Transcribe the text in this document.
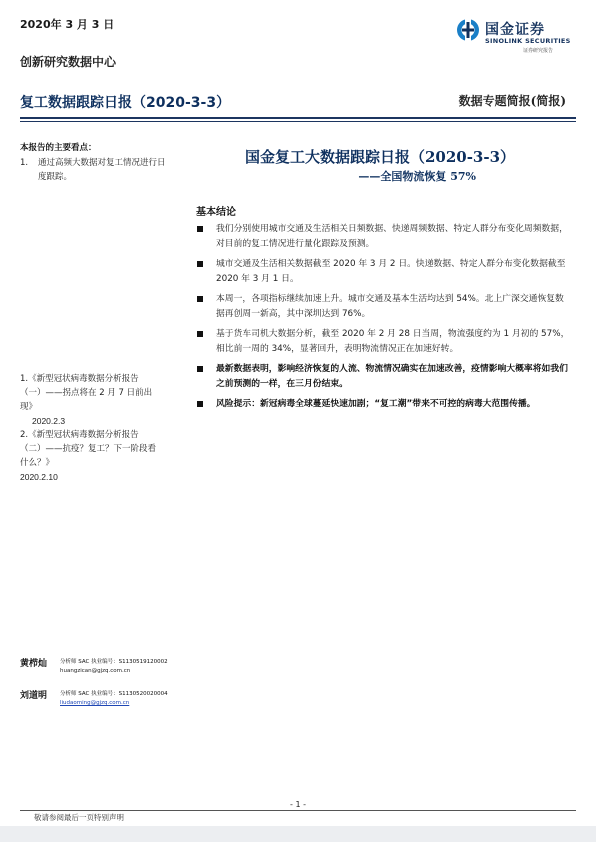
2020年 3 月 3 日	国金证券
SINOLINK SECURITIES
证券研究报告
创新研究数据中心
复工数据跟踪日报（2020-3-3）	数据专题简报(简报)
本报告的主要看点：
1.	通过高频大数据对复工情况进行日度跟踪。
1.《新型冠状病毒数据分析报告（一）——拐点将在 2 月 7 日前出现》
2020.2.3
2.《新型冠状病毒数据分析报告（二）——抗疫？复工？下一阶段看什么？》
2020.2.10
黄栉灿 分析师 SAC 执业编号：S1130519120002
huangzican@gjzq.com.cn
刘道明 分析师 SAC 执业编号：S1130520020004
liudaoming@gjzq.com.cn
国金复工大数据跟踪日报（2020-3-3）
——全国物流恢复 57%
基本结论
我们分别使用城市交通及生活相关日频数据、快递周频数据、特定人群分布变化周频数据，对目前的复工情况进行量化跟踪及预测。
城市交通及生活相关数据截至 2020 年 3 月 2 日。快递数据、特定人群分布变化数据截至 2020 年 3 月 1 日。
本周一，各项指标继续加速上升。城市交通及基本生活均达到 54%。北上广深交通恢复数据再创周一新高，其中深圳达到 76%。
基于货车司机大数据分析，截至 2020 年 2 月 28 日当周，物流强度约为 1 月初的 57%，相比前一周的 34%，显著回升，表明物流情况正在加速好转。
最新数据表明，影响经济恢复的人流、物流情况确实在加速改善，疫情影响大概率将如我们之前预测的一样，在三月份结束。
风险提示：新冠病毒全球蔓延快速加剧；“复工潮”带来不可控的病毒大范围传播。
- 1 -
敬请参阅最后一页特别声明
